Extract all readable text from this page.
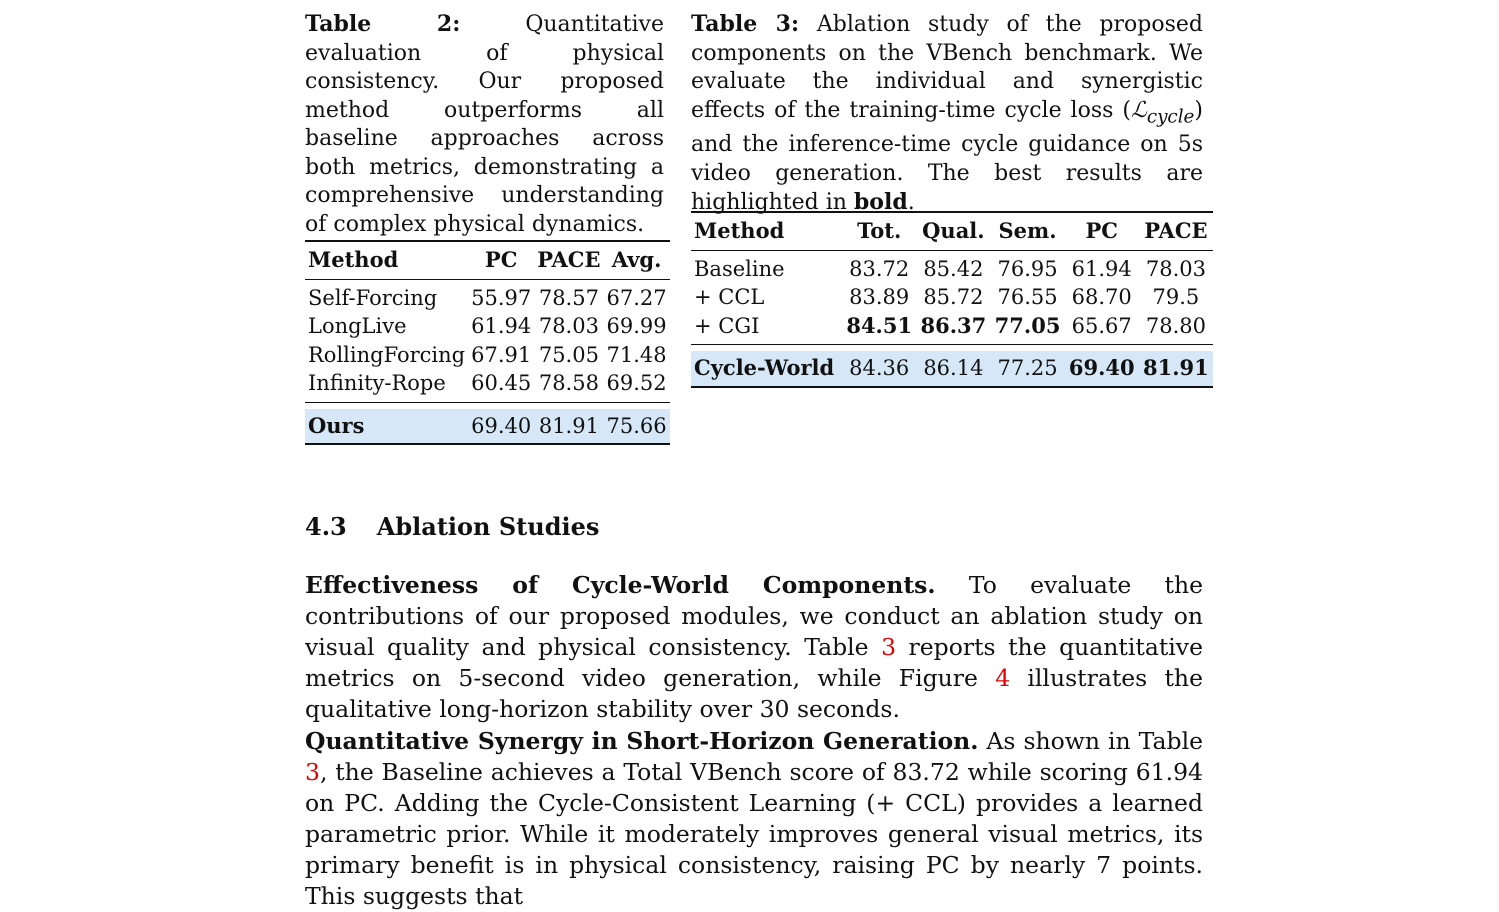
Table 2:	Quantitative evaluation of physical consistency. Our proposed method outperforms all baseline approaches across both metrics, demonstrating a comprehensive understanding of complex physical dynamics.

Table 3: Ablation study of the proposed components on the VBench benchmark. We evaluate the individual and synergistic effects of the training-time cycle loss (ℒ$_{cycle}$) and the inference-time cycle guidance on 5s video generation. The best results are highlighted in bold.

Method	PC	PACE	Avg.
Self-Forcing	55.97	78.57	67.27
LongLive	61.94	78.03	69.99
RollingForcing	67.91	75.05	71.48
Infinity-Rope	60.45	78.58	69.52

Ours	69.40	81.91	75.66
Method	Tot.	Qual.	Sem.	PC	PACE
Baseline	83.72	85.42	76.95	61.94	78.03
+ CCL	83.89	85.72	76.55	68.70	79.5
+ CGI	84.51	86.37	77.05	65.67	78.80

Cycle-World	84.36	86.14	77.25	69.40	81.91
4.3 Ablation Studies

Effectiveness of Cycle-World Components. To evaluate the contributions of our proposed modules, we conduct an ablation study on visual quality and physical consistency. Table 3 reports the quantitative metrics on 5-second video generation, while Figure 4 illustrates the qualitative long-horizon stability over 30 seconds.

Quantitative Synergy in Short-Horizon Generation. As shown in Table 3, the Baseline achieves a Total VBench score of 83.72 while scoring 61.94 on PC. Adding the Cycle-Consistent Learning (+ CCL) provides a learned parametric prior. While it moderately improves general visual metrics, its primary benefit is in physical consistency, raising PC by nearly 7 points. This suggests that
